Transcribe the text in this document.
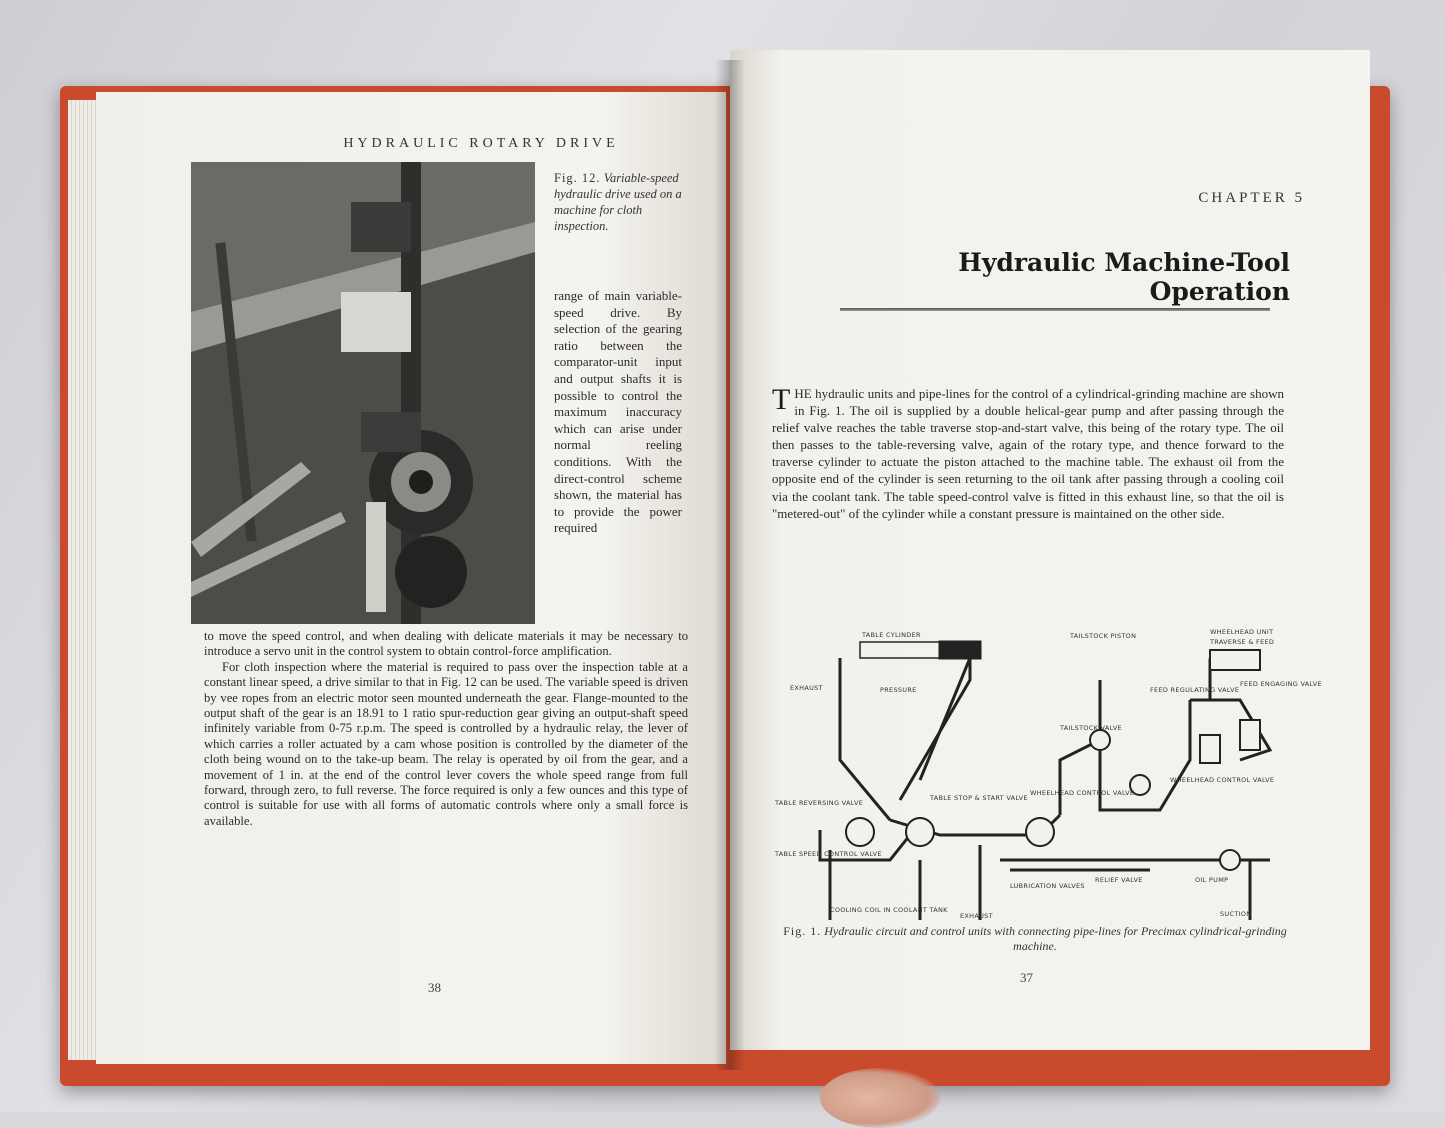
HYDRAULIC ROTARY DRIVE
Fig. 12. Variable-speed hydraulic drive used on a machine for cloth inspection.
range of main variable-speed drive. By selection of the gearing ratio between the comparator-unit input and output shafts it is possible to control the maximum inaccuracy which can arise under normal reeling conditions. With the direct-control scheme shown, the material has to provide the power required

to move the speed control, and when dealing with delicate materials it may be necessary to introduce a servo unit in the control system to obtain control-force amplification.

For cloth inspection where the material is required to pass over the inspection table at a constant linear speed, a drive similar to that in Fig. 12 can be used. The variable speed is driven by vee ropes from an electric motor seen mounted underneath the gear. Flange-mounted to the output shaft of the gear is an 18.91 to 1 ratio spur-reduction gear giving an output-shaft speed infinitely variable from 0-75 r.p.m. The speed is controlled by a hydraulic relay, the lever of which carries a roller actuated by a cam whose position is controlled by the diameter of the cloth being wound on to the take-up beam. The relay is operated by oil from the gear, and a movement of 1 in. at the end of the control lever covers the whole speed range from full forward, through zero, to full reverse. The force required is only a few ounces and this type of control is suitable for use with all forms of automatic controls where only a small force is available.

38
CHAPTER 5
Hydraulic Machine-Tool Operation
T HE hydraulic units and pipe-lines for the control of a cylindrical-grinding machine are shown in Fig. 1. The oil is supplied by a double helical-gear pump and after passing through the relief valve reaches the table traverse stop-and-start valve, this being of the rotary type. The oil then passes to the table-reversing valve, again of the rotary type, and thence forward to the traverse cylinder to actuate the piston attached to the machine table. The exhaust oil from the opposite end of the cylinder is seen returning to the oil tank after passing through a cooling coil via the coolant tank. The table speed-control valve is fitted in this exhaust line, so that the oil is "metered-out" of the cylinder while a constant pressure is maintained on the other side.
TABLE CYLINDER
EXHAUST	PRESSURE
TAILSTOCK PISTON
TAILSTOCK VALVE
WHEELHEAD UNIT
TRAVERSE & FEED
FEED ENGAGING VALVE
FEED REGULATING VALVE
TABLE REVERSING VALVE
TABLE STOP & START VALVE
WHEELHEAD CONTROL VALVE
WHEELHEAD CONTROL VALVE
TABLE SPEED CONTROL VALVE
COOLING COIL IN COOLANT TANK
LUBRICATION VALVES
RELIEF VALVE	OIL PUMP
SUCTION
EXHAUST
Fig. 1. Hydraulic circuit and control units with connecting pipe-lines for Precimax cylindrical-grinding machine.
37
